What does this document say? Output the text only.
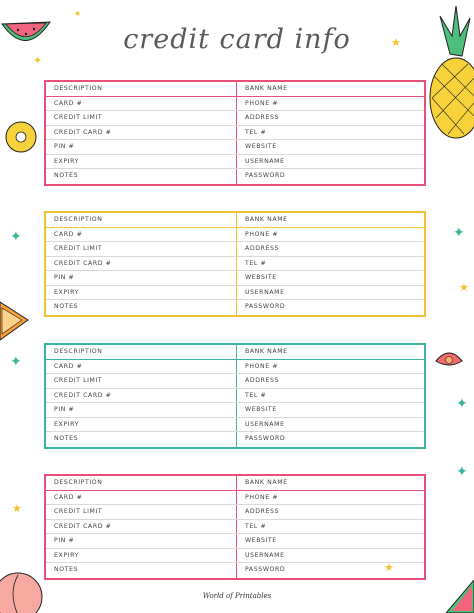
✦
★
★
✦	✦
★
✦
✦
✦
★
★
credit card info
DESCRIPTION	BANK NAME
CARD #	PHONE #
CREDIT LIMIT	ADDRESS
CREDIT CARD #	TEL #
PIN #	WEBSITE
EXPIRY	USERNAME
NOTES	PASSWORD
DESCRIPTION	BANK NAME
CARD #	PHONE #
CREDIT LIMIT	ADDRESS
CREDIT CARD #	TEL #
PIN #	WEBSITE
EXPIRY	USERNAME
NOTES	PASSWORD
DESCRIPTION	BANK NAME
CARD #	PHONE #
CREDIT LIMIT	ADDRESS
CREDIT CARD #	TEL #
PIN #	WEBSITE
EXPIRY	USERNAME
NOTES	PASSWORD
DESCRIPTION	BANK NAME
CARD #	PHONE #
CREDIT LIMIT	ADDRESS
CREDIT CARD #	TEL #
PIN #	WEBSITE
EXPIRY	USERNAME
NOTES	PASSWORD
World of Printables
